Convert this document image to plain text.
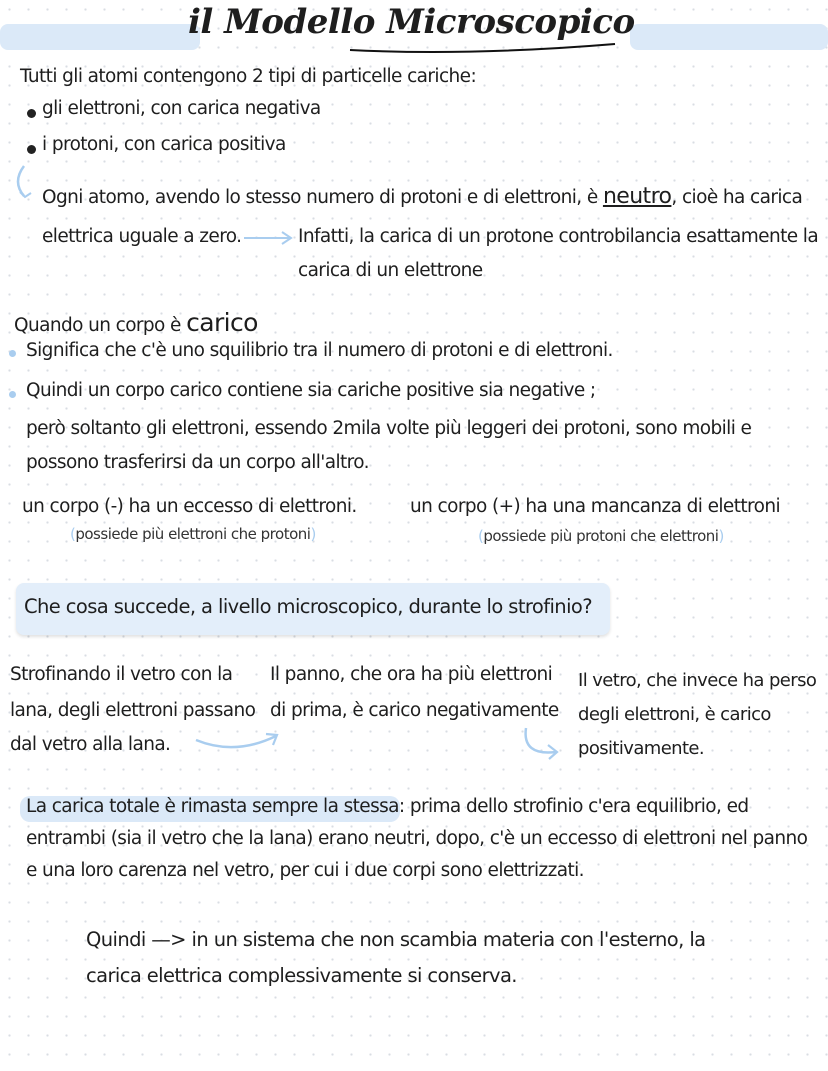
il Modello Microscopico
Tutti gli atomi contengono 2 tipi di particelle cariche:
gli elettroni, con carica negativa
i protoni, con carica positiva
Ogni atomo, avendo lo stesso numero di protoni e di elettroni, è neutro, cioè ha carica
elettrica uguale a zero.	Infatti, la carica di un protone controbilancia esattamente la
carica di un elettrone
Quando un corpo è carico
Significa che c'è uno squilibrio tra il numero di protoni e di elettroni.
Quindi un corpo carico contiene sia cariche positive sia negative ;
però soltanto gli elettroni, essendo 2mila volte più leggeri dei protoni, sono mobili e
possono trasferirsi da un corpo all'altro.
un corpo (-) ha un eccesso di elettroni.
(possiede più elettroni che protoni)
un corpo (+) ha una mancanza di elettroni
(possiede più protoni che elettroni)
Che cosa succede, a livello microscopico, durante lo strofinio?
Strofinando il vetro con la
lana, degli elettroni passano
dal vetro alla lana.
Il panno, che ora ha più elettroni
di prima, è carico negativamente
Il vetro, che invece ha perso
degli elettroni, è carico
positivamente.
La carica totale è rimasta sempre la stessa: prima dello strofinio c'era equilibrio, ed
entrambi (sia il vetro che la lana) erano neutri, dopo, c'è un eccesso di elettroni nel panno
e una loro carenza nel vetro, per cui i due corpi sono elettrizzati.
Quindi —> in un sistema che non scambia materia con l'esterno, la
carica elettrica complessivamente si conserva.
